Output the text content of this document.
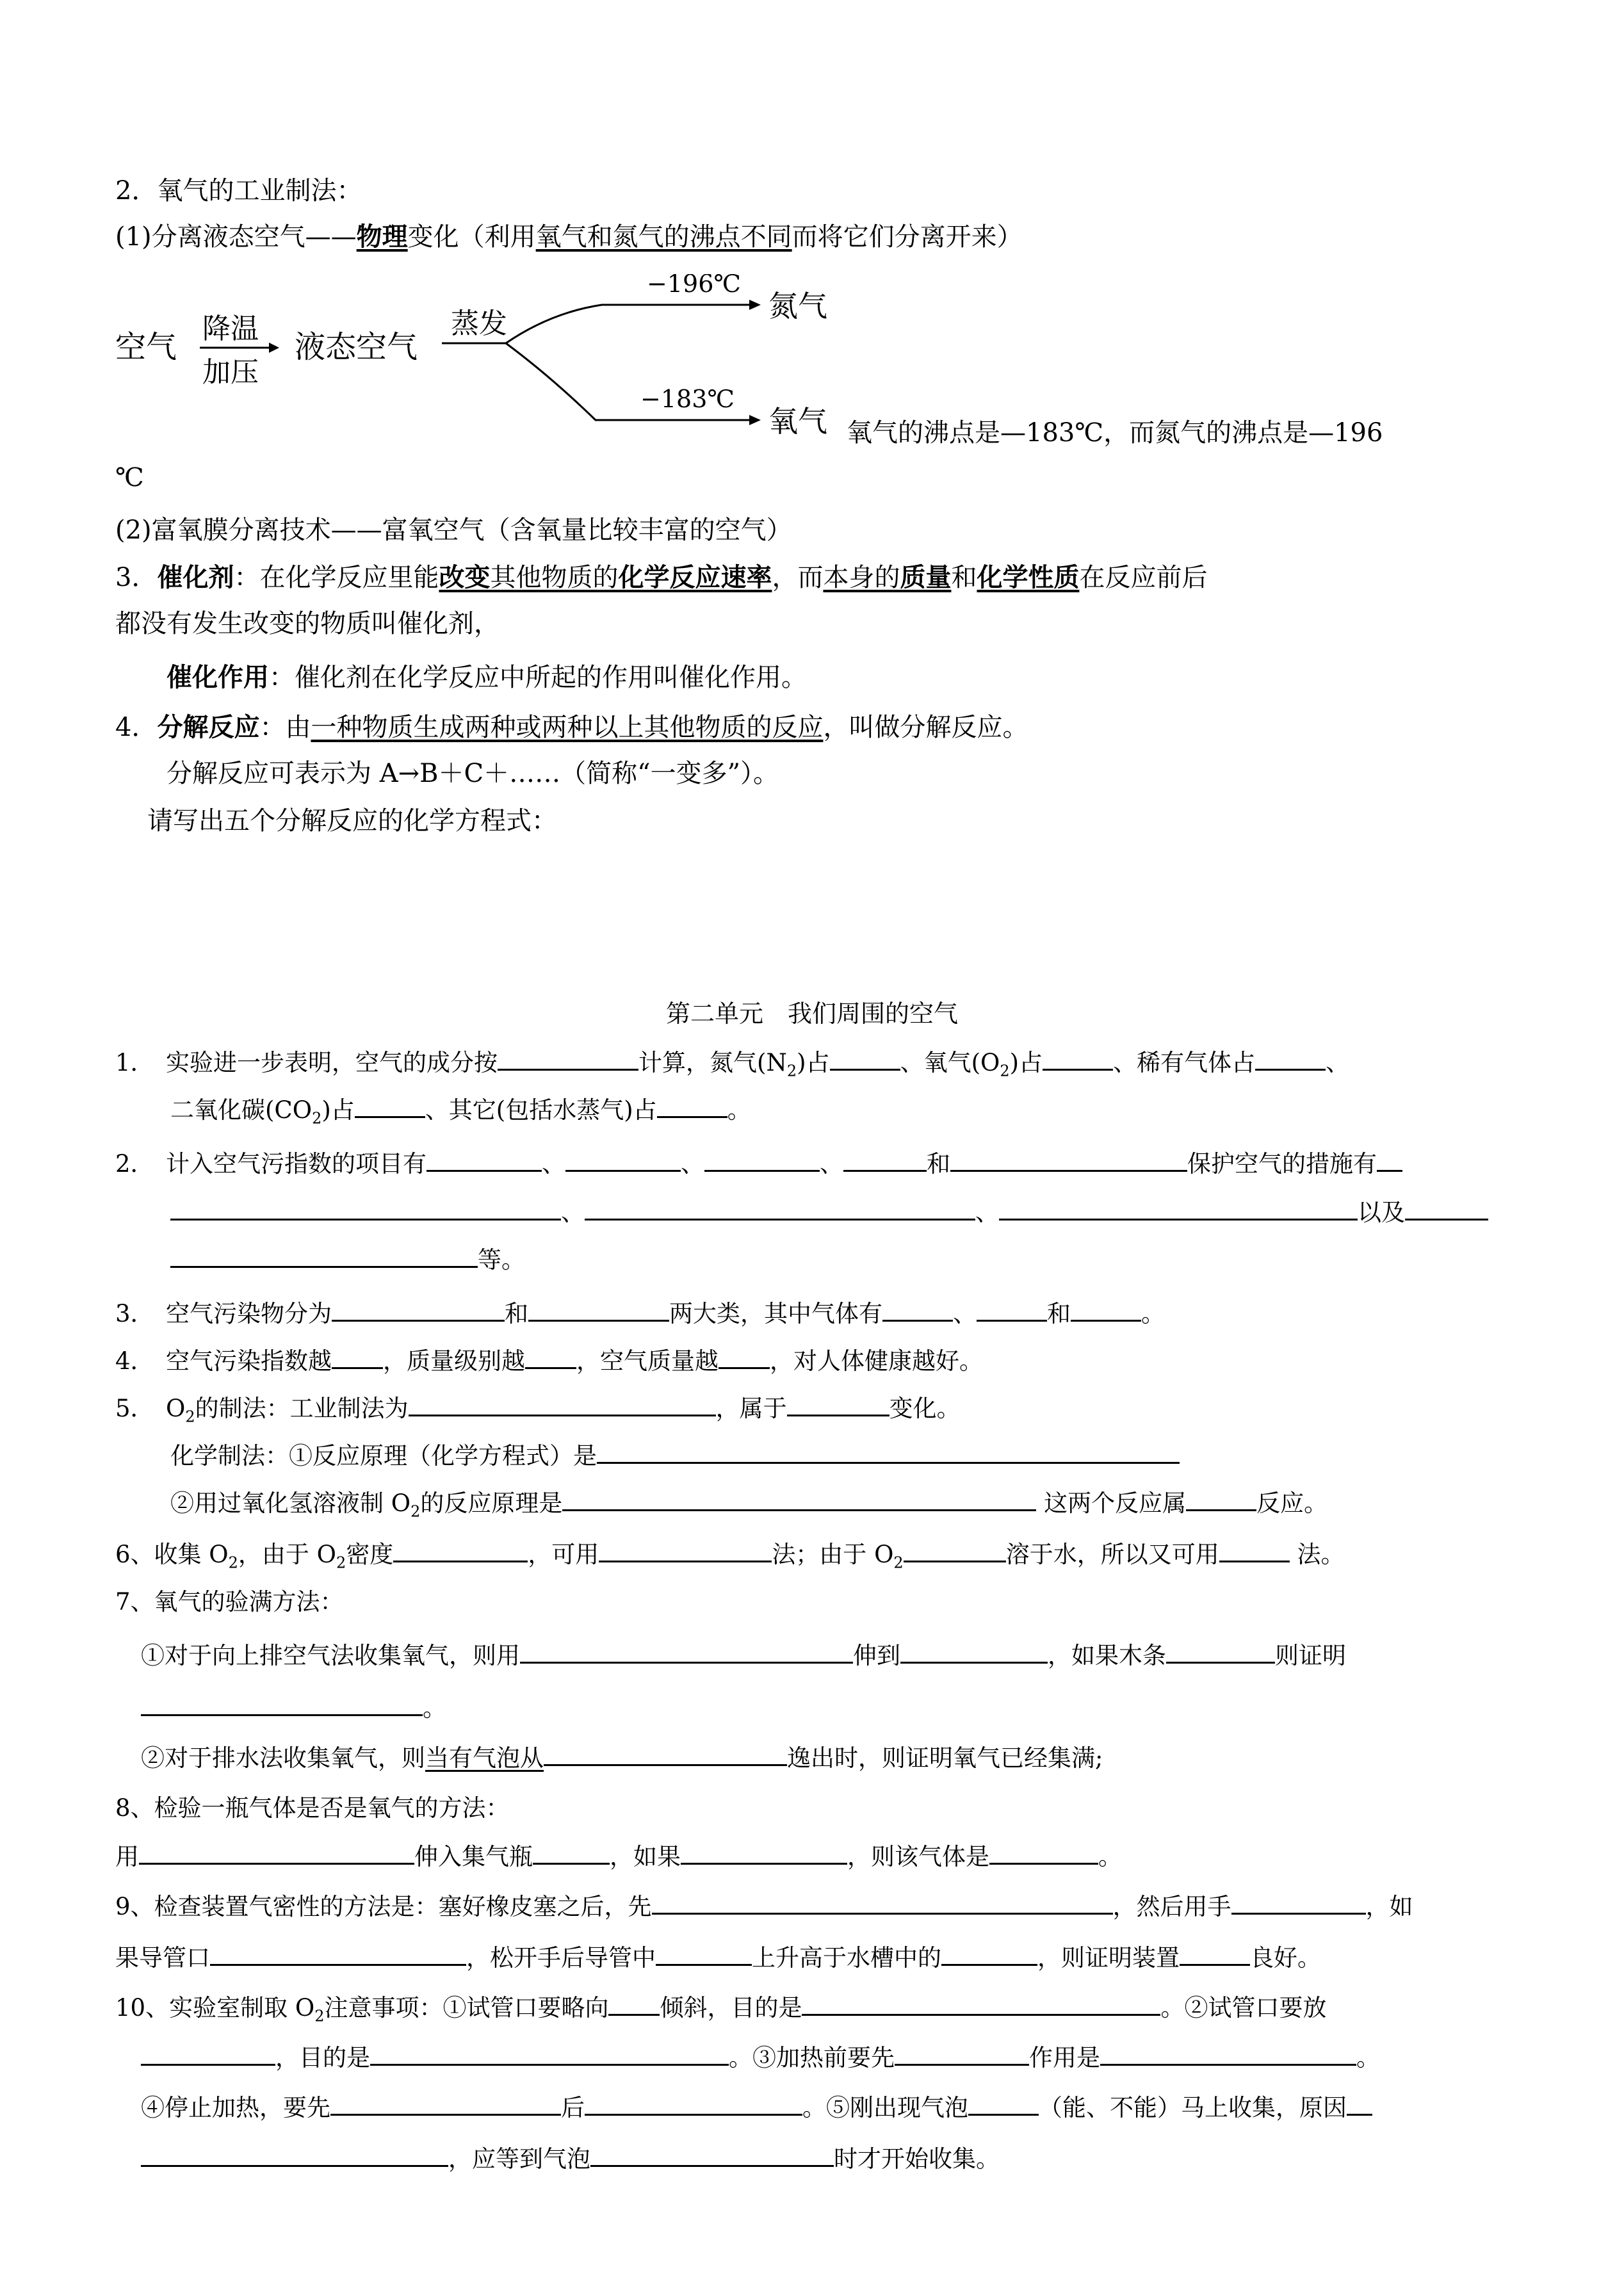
2．氧气的工业制法：
(1)分离液态空气——物理变化（利用氧气和氮气的沸点不同而将它们分离开来）
空气
降温
加压
液态空气
蒸发
−196℃
氮气
−183℃
氧气 氧气的沸点是—183℃，而氮气的沸点是—196
℃
(2)富氧膜分离技术——富氧空气（含氧量比较丰富的空气）
3．催化剂：在化学反应里能改变其他物质的化学反应速率，而本身的质量和化学性质在反应前后
都没有发生改变的物质叫催化剂，
催化作用：催化剂在化学反应中所起的作用叫催化作用。
4．分解反应：由一种物质生成两种或两种以上其他物质的反应，叫做分解反应。
分解反应可表示为 A→B＋C＋……（简称“一变多”）。
请写出五个分解反应的化学方程式：
第二单元　我们周围的空气
1．　实验进一步表明，空气的成分按	计算，氮气$(N_2)$占	、氧气$(O_2)$占	、稀有气体占	、
二氧化碳$(CO_2)$占	、其它(包括水蒸气)占	。
2．　计入空气污指数的项目有	、	、	、	和	保护空气的措施有
、	、	以及
等。
3．　空气污染物分为	和	两大类，其中气体有	、	和	。
4．　空气污染指数越 ，质量级别越 ，空气质量越 ，对人体健康越好。
5．　$O_2$的制法：工业制法为	，属于	变化。
化学制法：①反应原理（化学方程式）是
②用过氧化氢溶液制 $O_2$的反应原理是	这两个反应属	反应。
6、收集 $O_2$，由于 $O_2$密度	，可用	法；由于 $O_2$	溶于水，所以又可用	法。
7、氧气的验满方法：
①对于向上排空气法收集氧气，则用	伸到	，如果木条	则证明
。
②对于排水法收集氧气，则当有气泡从	逸出时，则证明氧气已经集满;
8、检验一瓶气体是否是氧气的方法：
用	伸入集气瓶	，如果	，则该气体是	。
9、检查装置气密性的方法是：塞好橡皮塞之后，先	，然后用手	，如
果导管口	，松开手后导管中	上升高于水槽中的	，则证明装置	良好。
10、实验室制取 $O_2$注意事项：①试管口要略向 倾斜，目的是	。②试管口要放
，目的是	。③加热前要先	作用是	。
④停止加热，要先	后	。⑤刚出现气泡	（能、不能）马上收集，原因
，应等到气泡	时才开始收集。
